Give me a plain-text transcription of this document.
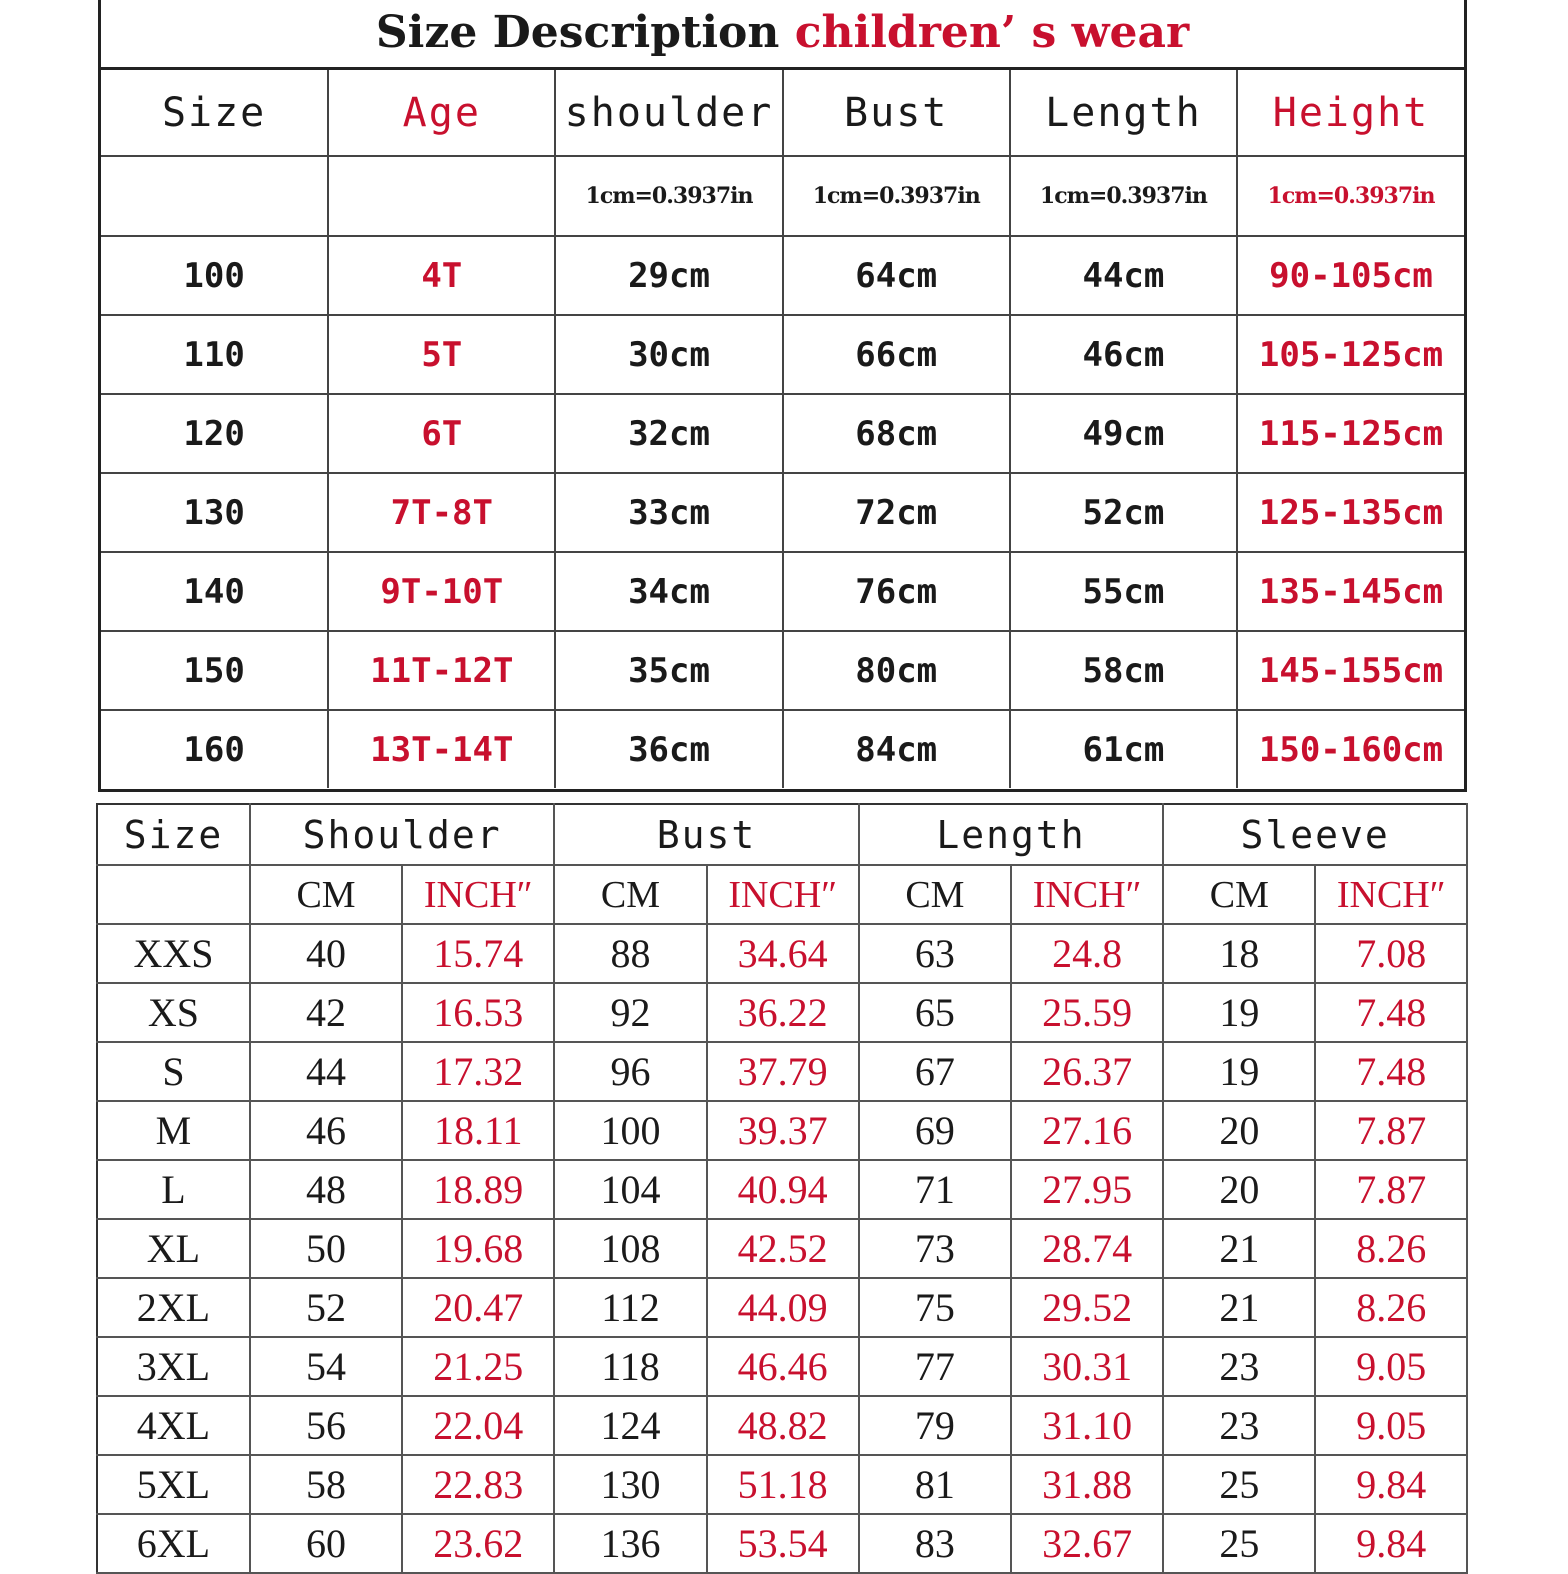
Size Description children’ s wear
Size	Age	shoulder	Bust	Length	Height
		1cm=0.3937in	1cm=0.3937in	1cm=0.3937in	1cm=0.3937in
100	4T	29cm	64cm	44cm	90-105cm
110	5T	30cm	66cm	46cm	105-125cm
120	6T	32cm	68cm	49cm	115-125cm
130	7T-8T	33cm	72cm	52cm	125-135cm
140	9T-10T	34cm	76cm	55cm	135-145cm
150	11T-12T	35cm	80cm	58cm	145-155cm
160	13T-14T	36cm	84cm	61cm	150-160cm
Size	Shoulder		Bust		Length		Sleeve	
	CM	INCH″	CM	INCH″	CM	INCH″	CM	INCH″
XXS	40	15.74	88	34.64	63	24.8	18	7.08
XS	42	16.53	92	36.22	65	25.59	19	7.48
S	44	17.32	96	37.79	67	26.37	19	7.48
M	46	18.11	100	39.37	69	27.16	20	7.87
L	48	18.89	104	40.94	71	27.95	20	7.87
XL	50	19.68	108	42.52	73	28.74	21	8.26
2XL	52	20.47	112	44.09	75	29.52	21	8.26
3XL	54	21.25	118	46.46	77	30.31	23	9.05
4XL	56	22.04	124	48.82	79	31.10	23	9.05
5XL	58	22.83	130	51.18	81	31.88	25	9.84
6XL	60	23.62	136	53.54	83	32.67	25	9.84
